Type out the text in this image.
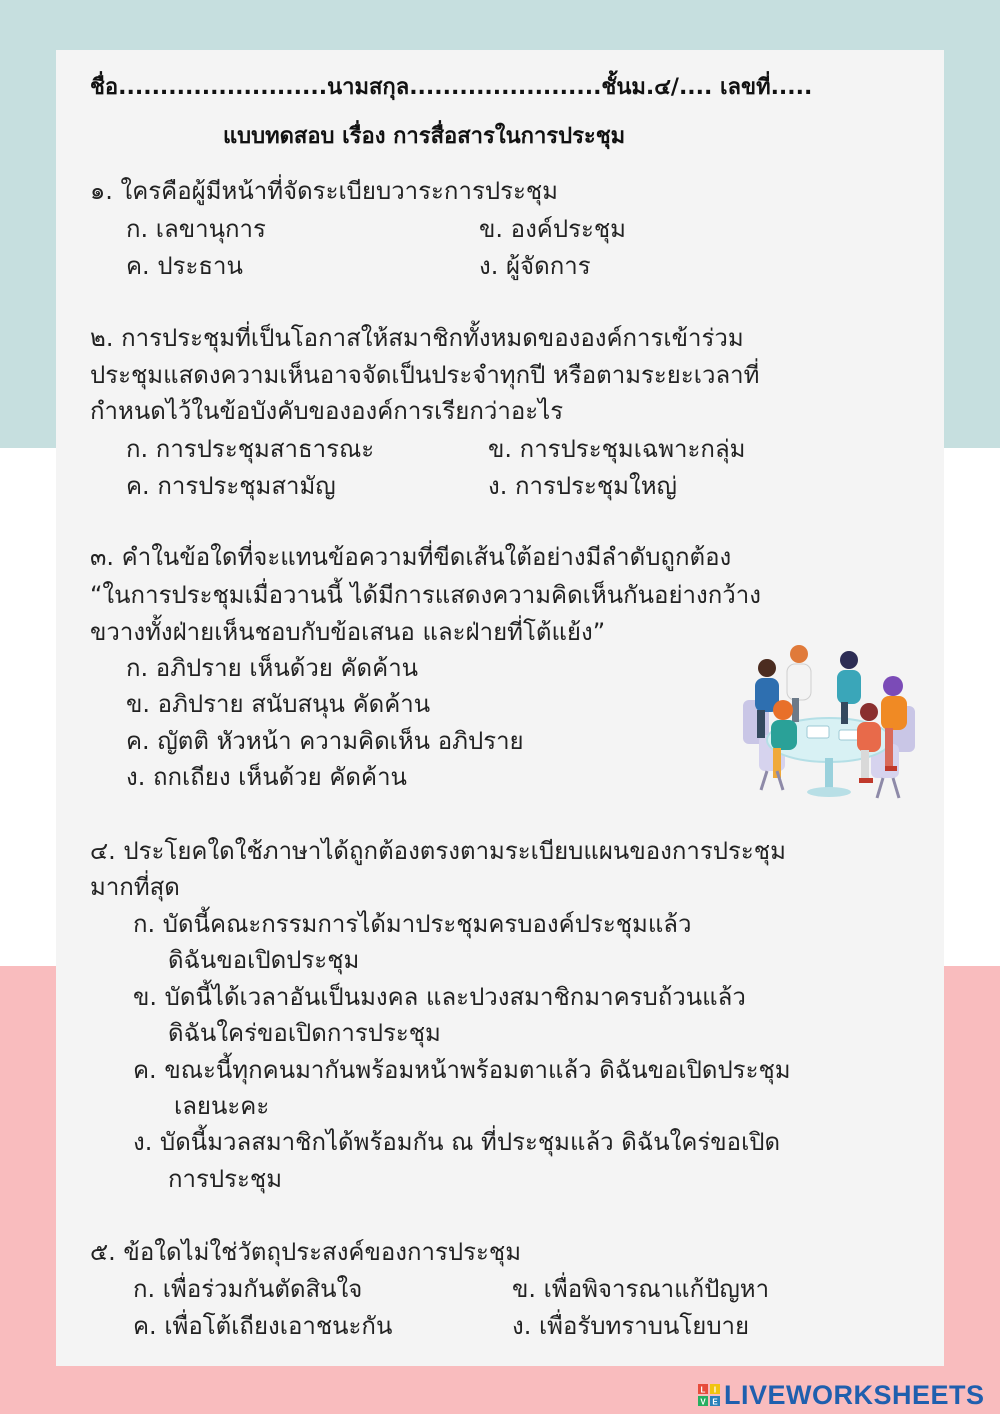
ชื่อ.........................นามสกุล.......................ชั้นม.๔/.... เลขที่.....
แบบทดสอบ เรื่อง การสื่อสารในการประชุม
๑. ใครคือผู้มีหน้าที่จัดระเบียบวาระการประชุม
ก. เลขานุการ	ข. องค์ประชุม
ค. ประธาน	ง. ผู้จัดการ
๒. การประชุมที่เป็นโอกาสให้สมาชิกทั้งหมดขององค์การเข้าร่วม
ประชุมแสดงความเห็นอาจจัดเป็นประจำทุกปี หรือตามระยะเวลาที่
กำหนดไว้ในข้อบังคับขององค์การเรียกว่าอะไร
ก. การประชุมสาธารณะ	ข. การประชุมเฉพาะกลุ่ม
ค. การประชุมสามัญ	ง. การประชุมใหญ่
๓. คำในข้อใดที่จะแทนข้อความที่ขีดเส้นใต้อย่างมีลำดับถูกต้อง
“ในการประชุมเมื่อวานนี้ ได้มีการแสดงความคิดเห็นกันอย่างกว้าง
ขวางทั้งฝ่ายเห็นชอบกับข้อเสนอ และฝ่ายที่โต้แย้ง”
ก. อภิปราย เห็นด้วย คัดค้าน
ข. อภิปราย สนับสนุน คัดค้าน
ค. ญัตติ หัวหน้า ความคิดเห็น อภิปราย
ง. ถกเถียง เห็นด้วย คัดค้าน
๔. ประโยคใดใช้ภาษาได้ถูกต้องตรงตามระเบียบแผนของการประชุม
มากที่สุด
ก. บัดนี้คณะกรรมการได้มาประชุมครบองค์ประชุมแล้ว
ดิฉันขอเปิดประชุม
ข. บัดนี้ได้เวลาอันเป็นมงคล และปวงสมาชิกมาครบถ้วนแล้ว
ดิฉันใคร่ขอเปิดการประชุม
ค. ขณะนี้ทุกคนมากันพร้อมหน้าพร้อมตาแล้ว ดิฉันขอเปิดประชุม
เลยนะคะ
ง. บัดนี้มวลสมาชิกได้พร้อมกัน ณ ที่ประชุมแล้ว ดิฉันใคร่ขอเปิด
การประชุม
๕. ข้อใดไม่ใช่วัตถุประสงค์ของการประชุม
ก. เพื่อร่วมกันตัดสินใจ	ข. เพื่อพิจารณาแก้ปัญหา
ค. เพื่อโต้เถียงเอาชนะกัน	ง. เพื่อรับทราบนโยบาย
L I
V E LIVEWORKSHEETS
